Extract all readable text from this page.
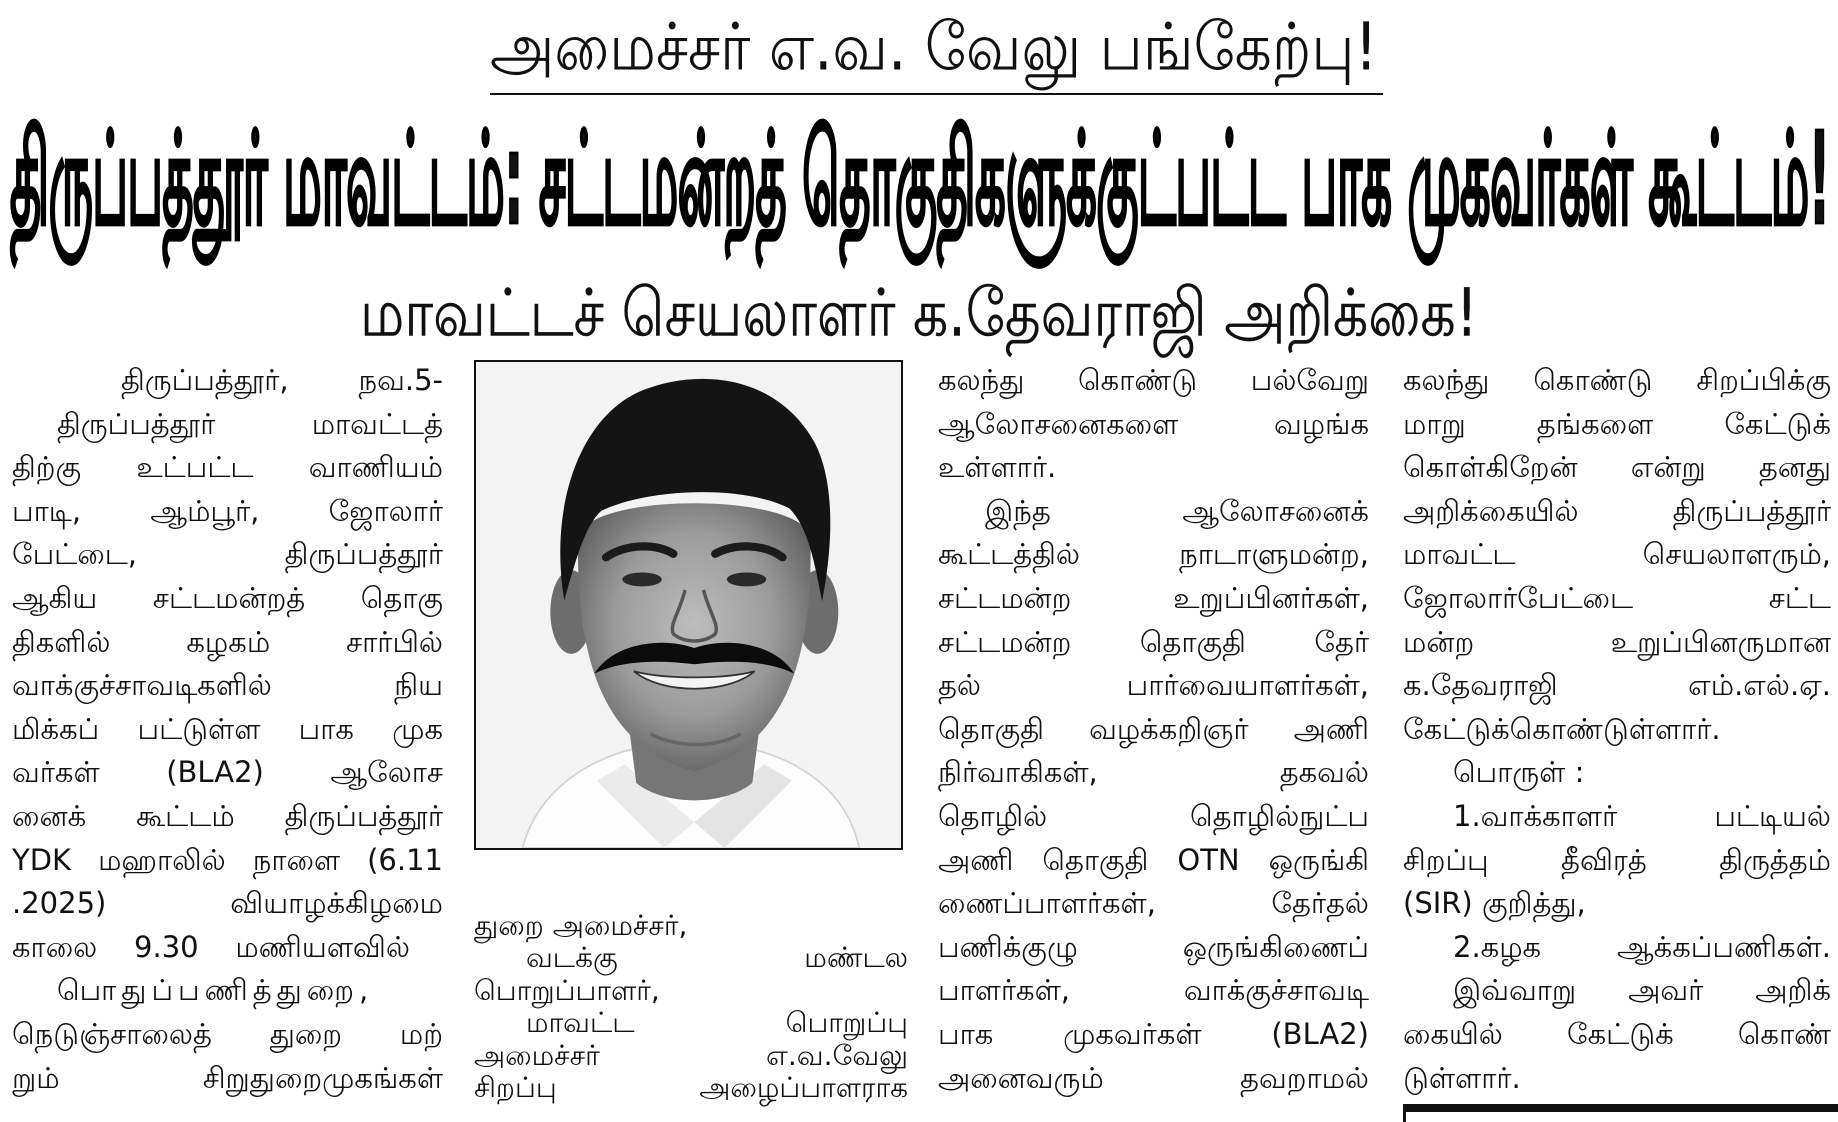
அமைச்சர் எ.வ. வேலு பங்கேற்பு!
திருப்பத்தூர் மாவட்டம்: சட்டமன்றத் தொகுதிகளுக்குட்பட்ட பாக முகவர்கள் கூட்டம்!
மாவட்டச் செயலாளர் க.தேவராஜி அறிக்கை!
திருப்பத்தூர், நவ.5-
திருப்பத்தூர் மாவட்டத்
திற்கு உட்பட்ட வாணியம்
பாடி, ஆம்பூர், ஜோலார்
பேட்டை, திருப்பத்தூர்
ஆகிய சட்டமன்றத் தொகு
திகளில் கழகம் சார்பில்
வாக்குச்சாவடிகளில் நிய
மிக்கப் பட்டுள்ள பாக முக
வர்கள் (BLA2) ஆலோச
னைக் கூட்டம் திருப்பத்தூர்
YDK மஹாலில் நாளை (6.11
.2025) வியாழக்கிழமை
காலை 9.30 மணியளவில்
பொதுப்பணித்துறை,
நெடுஞ்சாலைத் துறை மற்
றும் சிறுதுறைமுகங்கள்
துறை அமைச்சர்,
வடக்கு மண்டல
பொறுப்பாளர்,
மாவட்ட பொறுப்பு
அமைச்சர் எ.வ.வேலு
சிறப்பு அழைப்பாளராக
கலந்து கொண்டு பல்வேறு
ஆலோசனைகளை வழங்க
உள்ளார்.
இந்த ஆலோசனைக்
கூட்டத்தில் நாடாளுமன்ற,
சட்டமன்ற உறுப்பினர்கள்,
சட்டமன்ற தொகுதி தேர்
தல் பார்வையாளர்கள்,
தொகுதி வழக்கறிஞர் அணி
நிர்வாகிகள், தகவல்
தொழில் தொழில்நுட்ப
அணி தொகுதி OTN ஒருங்கி
ணைப்பாளர்கள், தேர்தல்
பணிக்குழு ஒருங்கிணைப்
பாளர்கள், வாக்குச்சாவடி
பாக முகவர்கள் (BLA2)
அனைவரும் தவறாமல்
கலந்து கொண்டு சிறப்பிக்கு
மாறு தங்களை கேட்டுக்
கொள்கிறேன் என்று தனது
அறிக்கையில் திருப்பத்தூர்
மாவட்ட செயலாளரும்,
ஜோலார்பேட்டை சட்ட
மன்ற உறுப்பினருமான
க.தேவராஜி எம்.எல்.ஏ.
கேட்டுக்கொண்டுள்ளார்.
பொருள் :
1.வாக்காளர் பட்டியல்
சிறப்பு தீவிரத் திருத்தம்
(SIR) குறித்து,
2.கழக ஆக்கப்பணிகள்.
இவ்வாறு அவர் அறிக்
கையில் கேட்டுக் கொண்
டுள்ளார்.
